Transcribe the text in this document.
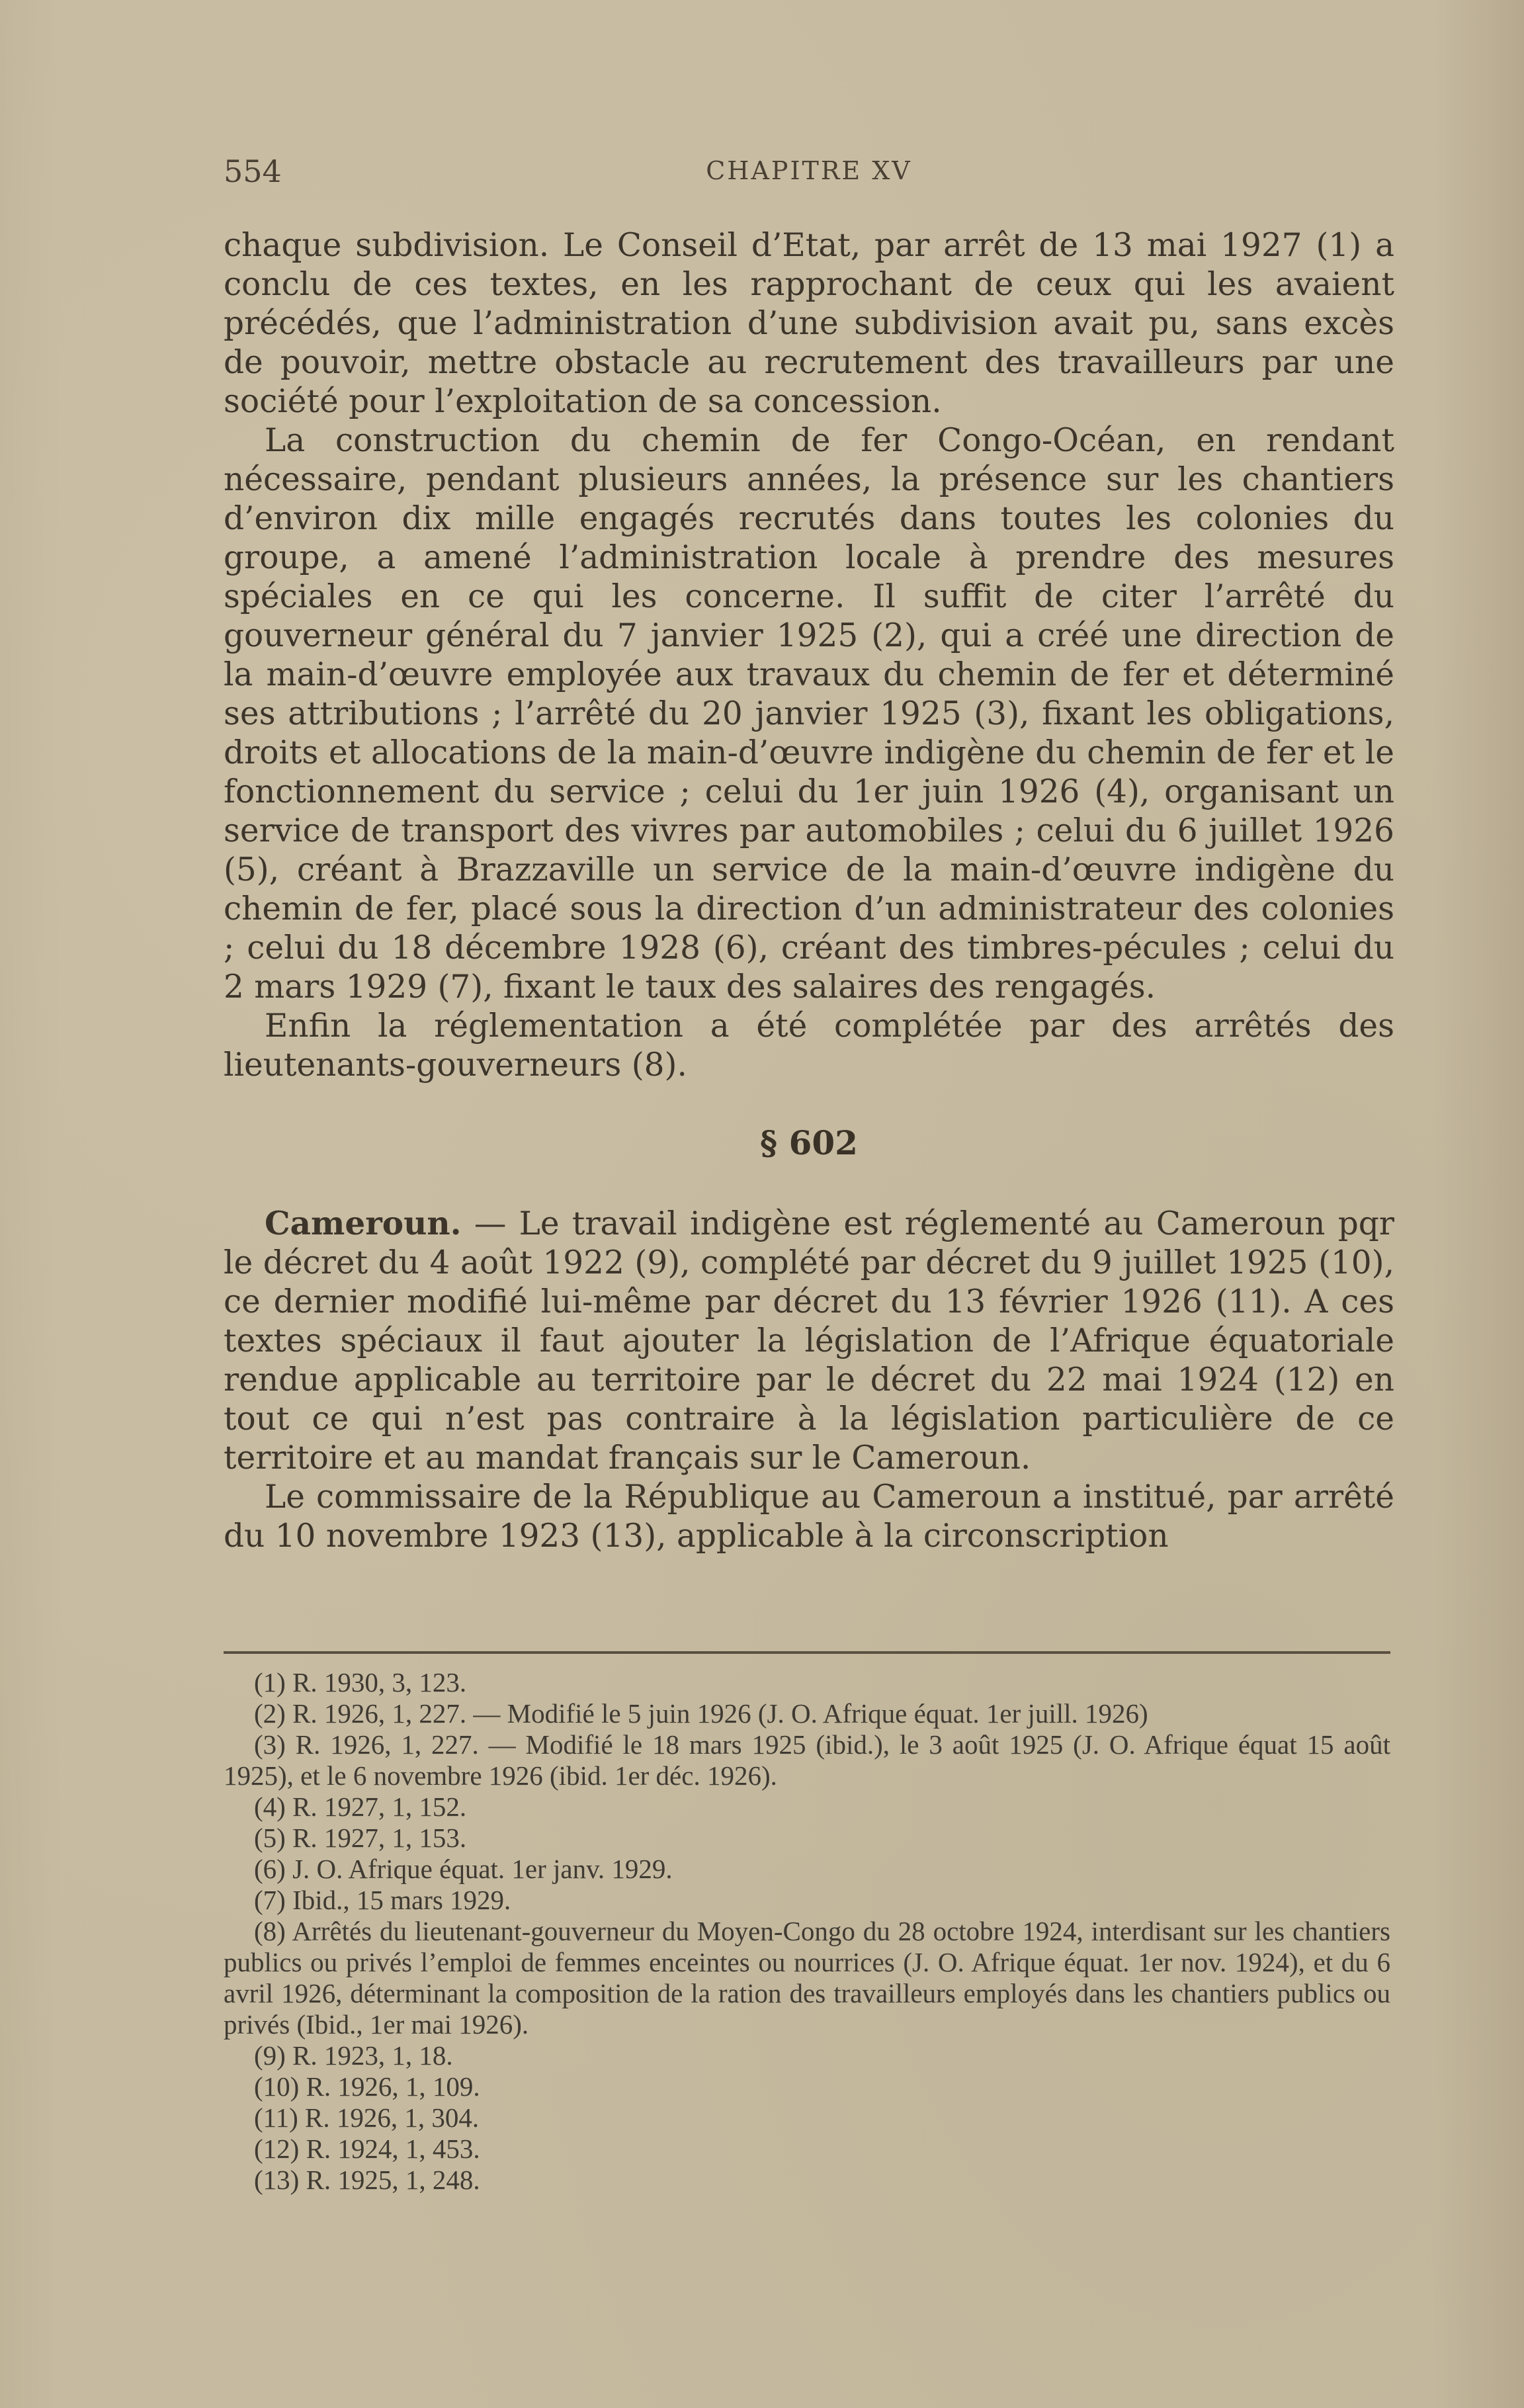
554	CHAPITRE XV

chaque subdivision. Le Conseil d’Etat, par arrêt de 13 mai 1927 (1) a conclu de ces textes, en les rapprochant de ceux qui les avaient précédés, que l’administration d’une subdivision avait pu, sans excès de pouvoir, mettre obstacle au recrutement des travailleurs par une société pour l’exploitation de sa concession.

La construction du chemin de fer Congo-Océan, en rendant nécessaire, pendant plusieurs années, la présence sur les chantiers d’environ dix mille engagés recrutés dans toutes les colonies du groupe, a amené l’administration locale à prendre des mesures spéciales en ce qui les concerne. Il suffit de citer l’arrêté du gouverneur général du 7 janvier 1925 (2), qui a créé une direction de la main-d’œuvre employée aux travaux du chemin de fer et déterminé ses attributions ; l’arrêté du 20 janvier 1925 (3), fixant les obligations, droits et allocations de la main-d’œuvre indigène du chemin de fer et le fonctionnement du service ; celui du 1er juin 1926 (4), organisant un service de transport des vivres par automobiles ; celui du 6 juillet 1926 (5), créant à Brazzaville un service de la main-d’œuvre indigène du chemin de fer, placé sous la direction d’un administrateur des colonies ; celui du 18 décembre 1928 (6), créant des timbres-pécules ; celui du 2 mars 1929 (7), fixant le taux des salaires des rengagés.

Enfin la réglementation a été complétée par des arrêtés des lieutenants-gouverneurs (8).

§ 602

Cameroun. — Le travail indigène est réglementé au Cameroun pqr le décret du 4 août 1922 (9), complété par décret du 9 juillet 1925 (10), ce dernier modifié lui-même par décret du 13 février 1926 (11). A ces textes spéciaux il faut ajouter la législation de l’Afrique équatoriale rendue applicable au territoire par le décret du 22 mai 1924 (12) en tout ce qui n’est pas contraire à la législation particulière de ce territoire et au mandat français sur le Cameroun.

Le commissaire de la République au Cameroun a institué, par arrêté du 10 novembre 1923 (13), applicable à la circonscription

(1) R. 1930, 3, 123.

(2) R. 1926, 1, 227. — Modifié le 5 juin 1926 (J. O. Afrique équat. 1er juill. 1926)

(3) R. 1926, 1, 227. — Modifié le 18 mars 1925 (ibid.), le 3 août 1925 (J. O. Afrique équat 15 août 1925), et le 6 novembre 1926 (ibid. 1er déc. 1926).

(4) R. 1927, 1, 152.

(5) R. 1927, 1, 153.

(6) J. O. Afrique équat. 1er janv. 1929.

(7) Ibid., 15 mars 1929.

(8) Arrêtés du lieutenant-gouverneur du Moyen-Congo du 28 octobre 1924, interdisant sur les chantiers publics ou privés l’emploi de femmes enceintes ou nourrices (J. O. Afrique équat. 1er nov. 1924), et du 6 avril 1926, déterminant la composition de la ration des travailleurs employés dans les chantiers publics ou privés (Ibid., 1er mai 1926).

(9) R. 1923, 1, 18.

(10) R. 1926, 1, 109.

(11) R. 1926, 1, 304.

(12) R. 1924, 1, 453.

(13) R. 1925, 1, 248.
